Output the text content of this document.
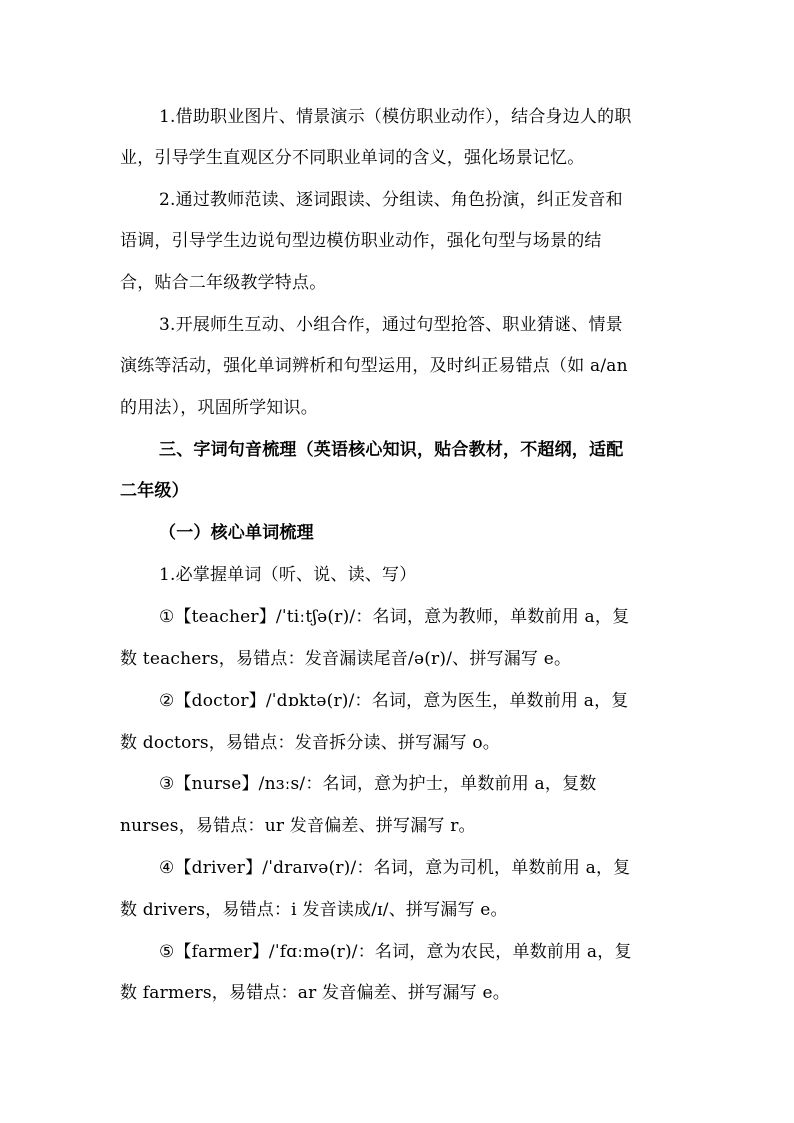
1.借助职业图片、情景演示（模仿职业动作），结合身边人的职
业，引导学生直观区分不同职业单词的含义，强化场景记忆。
2.通过教师范读、逐词跟读、分组读、角色扮演，纠正发音和
语调，引导学生边说句型边模仿职业动作，强化句型与场景的结
合，贴合二年级教学特点。
3.开展师生互动、小组合作，通过句型抢答、职业猜谜、情景
演练等活动，强化单词辨析和句型运用，及时纠正易错点（如 a/an
的用法），巩固所学知识。
三、字词句音梳理（英语核心知识，贴合教材，不超纲，适配
二年级）
（一）核心单词梳理
1.必掌握单词（听、说、读、写）
①【teacher】/ˈtiːtʃə(r)/：名词，意为教师，单数前用 a，复
数 teachers，易错点：发音漏读尾音/ə(r)/、拼写漏写 e。
②【doctor】/ˈdɒktə(r)/：名词，意为医生，单数前用 a，复
数 doctors，易错点：发音拆分读、拼写漏写 o。
③【nurse】/nɜːs/：名词，意为护士，单数前用 a，复数
nurses，易错点：ur 发音偏差、拼写漏写 r。
④【driver】/ˈdraɪvə(r)/：名词，意为司机，单数前用 a，复
数 drivers，易错点：i 发音读成/ɪ/、拼写漏写 e。
⑤【farmer】/ˈfɑːmə(r)/：名词，意为农民，单数前用 a，复
数 farmers，易错点：ar 发音偏差、拼写漏写 e。
